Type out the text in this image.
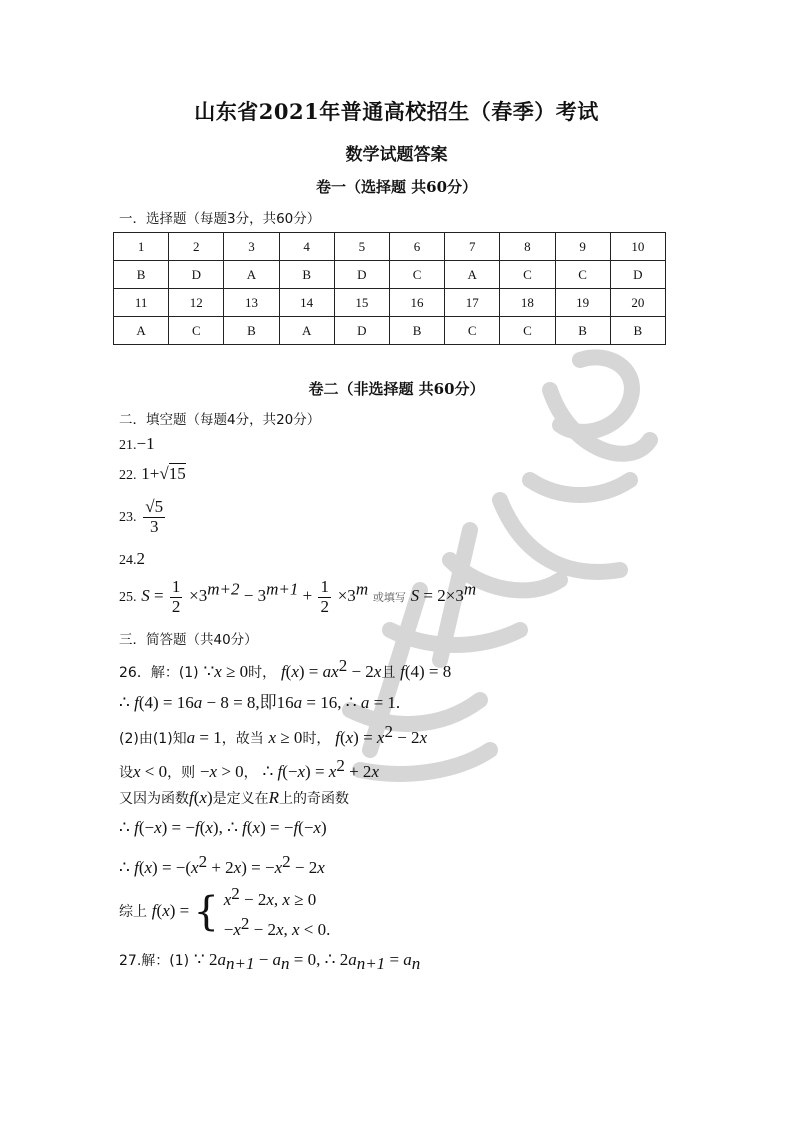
山东省2021年普通高校招生（春季）考试
数学试题答案
卷一（选择题 共60分）
一．选择题（每题3分，共60分）
1	2	3	4	5	6	7	8	9	10
B	D	A	B	D	C	A	C	C	D
11	12	13	14	15	16	17	18	19	20
A	C	B	A	D	B	C	C	B	B
卷二（非选择题 共60分）
二．填空题（每题4分，共20分）
21.−1
22. 1+√15
23. $\frac{√5}{3}$
24.2
25. $S = \frac{1}{2} \times 3^{m+2} - 3^{m+1} + \frac{1}{2} \times 3^m$ 或填写 $S = 2\times 3^m$
三．简答题（共40分）
26．解：(1) ∵x ≥ 0时， $f(x) = ax^2 - 2x$且 f(4) = 8
∴ f(4) = 16a − 8 = 8,即16a = 16, ∴ a = 1.
(2)由(1)知a = 1，故当 x ≥ 0时， $f(x) = x^2 - 2x$
设x < 0，则 −x > 0， ∴ $f(-x) = x^2 + 2x$
又因为函数f(x)是定义在R上的奇函数
∴ f(−x) = −f(x), ∴ f(x) = −f(−x)
∴ $f(x) = -(x^2 + 2x) = -x^2 - 2x$
综上 f(x) = { $x^2 - 2x$, x ≥ 0
$-x^2 - 2x$, x < 0.
27.解：(1) ∵ $2a_{n+1} - a_n = 0$, ∴ $2a_{n+1} = a_n$
